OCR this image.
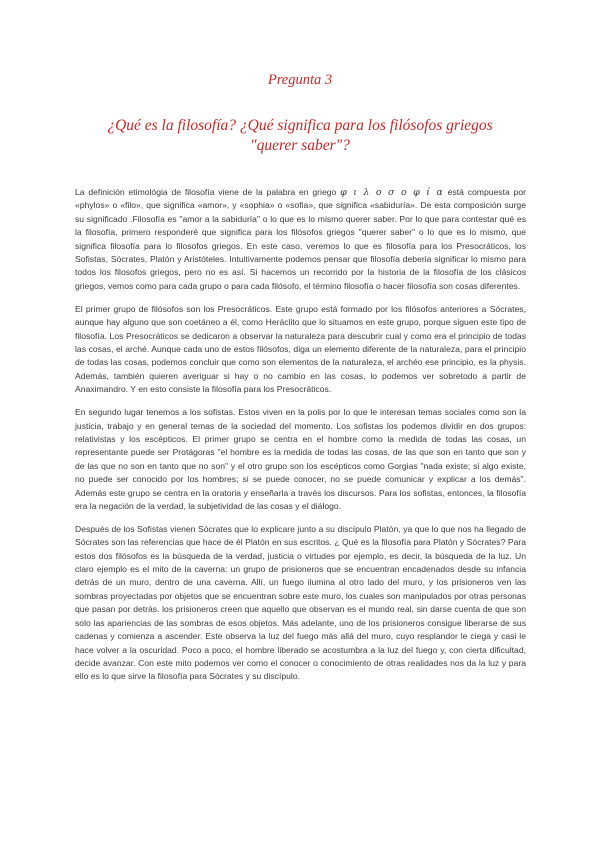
Pregunta 3
¿Qué es la filosofía? ¿Qué significa para los filósofos griegos "querer saber"?

La definición etimológia de filosofía viene de la palabra en griego φ ι λ ο σ ο φ ί α está compuesta por «phylos» o «filo», que significa «amor», y «sophia» o «sofia», que significa «sabiduría». De esta composición surge su significado .Filosofía es "amor a la sabiduría" o lo que es lo mismo querer saber. Por lo que para contestar qué es la filosofía, primero responderé que significa para los filósofos griegos "querer saber" o lo que es lo mismo, que significa filosofía para lo filosofos griegos. En este caso, veremos lo que es filosofía para los Presocráticos, los Sofistas, Sócrates, Platón y Aristóteles. Intuitivamente podemos pensar que filosofía deberia significar lo mismo para todos los filosofos griegos, pero no es así. Si hacemos un recorrido por la historia de la filosofía de los clásicos griegos, vemos como para cada grupo o para cada filósofo, el término filosofía o hacer filosofía son cosas diferentes.

El primer grupo de filósofos son los Presocráticos. Este grupo está formado por los filósofos anteriores a Sócrates, aunque hay alguno que son coetáneo a él, como Heráclito que lo situamos en este grupo, porque siguen este tipo de filosofía. Los Presocráticos se dedicaron a observar la naturaleza para descubrir cual y como era el principio de todas las cosas, el arché. Aunque cada uno de estos filósofos, diga un elemento diferente de la naturaleza, para el principio de todas las cosas, podemos concluir que como son elementos de la naturaleza, el archéo ese principio, es la physis. Además, también quieren averiguar si hay o no cambio en las cosas, lo podemos ver sobretodo a partir de Anaximandro. Y en esto consiste la filosofía para los Presocráticos.

En segundo lugar tenemos a los sofistas. Estos viven en la polis por lo que le interesan temas sociales como son la justicia, trabajo y en general temas de la sociedad del momento. Los sofistas los podemos dividir en dos grupos: relativistas y los escépticos. El primer grupo se centra en el hombre como la medida de todas las cosas, un representante puede ser Protágoras "el hombre es la medida de todas las cosas, de las que son en tanto que son y de las que no son en tanto que no son" y el otro grupo son los escépticos como Gorgias "nada existe; si algo existe, no puede ser conocido por los hombres; si se puede conocer, no se puede comunicar y explicar a los demás". Además este grupo se centra en la oratoria y enseñarla a través los discursos. Para los sofistas, entonces, la filosofía era la negación de la verdad, la subjetividad de las cosas y el diálogo.

Después de los Sofistas vienen Sócrates que lo explicare junto a su discípulo Platón, ya que lo que nos ha llegado de Sócrates son las referencias que hace de él Platón en sus escritos. ¿ Qué es la filosofía para Platón y Sócrates? Para estos dos filósofos es la búsqueda de la verdad, justicia o virtudes por ejemplo, es decir, la búsqueda de la luz. Un claro ejemplo es el mito de la caverna: un grupo de prisioneros que se encuentran encadenados desde su infancia detrás de un muro, dentro de una caverna. Allí, un fuego ilumina al otro lado del muro, y los prisioneros ven las sombras proyectadas por objetos que se encuentran sobre este muro, los cuales son manipulados por otras personas que pasan por detrás. los prisioneros creen que aquello que observan es el mundo real, sin darse cuenta de que son solo las apariencias de las sombras de esos objetos. Más adelante, uno de los prisioneros consigue liberarse de sus cadenas y comienza a ascender. Este observa la luz del fuego más allá del muro, cuyo resplandor le ciega y casi le hace volver a la oscuridad. Poco a poco, el hombre liberado se acostumbra a la luz del fuego y, con cierta dificultad, decide avanzar. Con este mito podemos ver como el conocer o conocimiento de otras realidades nos da la luz y para ello es lo que sirve la filosofía para Sócrates y su discípulo.
